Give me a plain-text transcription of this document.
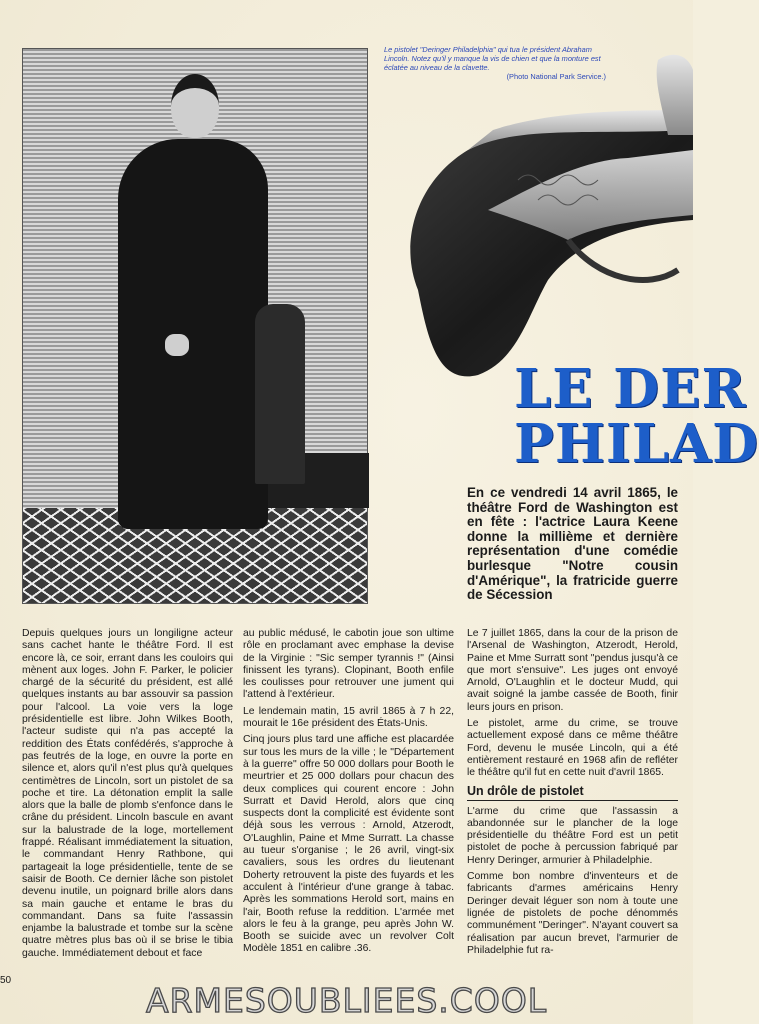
Le pistolet "Deringer Philadelphia" qui tua le président Abraham Lincoln. Notez qu'il y manque la vis de chien et que la monture est éclatée au niveau de la clavette.
(Photo National Park Service.)
LE DER
PHILAD
En ce vendredi 14 avril 1865, le théâtre Ford de Washington est en fête : l'actrice Laura Keene donne la millième et dernière représentation d'une comédie burlesque "Notre cousin d'Amérique", la fratricide guerre de Sécession

Depuis quelques jours un longiligne acteur sans cachet hante le théâtre Ford. Il est encore là, ce soir, errant dans les couloirs qui mènent aux loges. John F. Parker, le policier chargé de la sécurité du président, est allé quelques instants au bar assouvir sa passion pour l'alcool. La voie vers la loge présidentielle est libre. John Wilkes Booth, l'acteur sudiste qui n'a pas accepté la reddition des États confédérés, s'approche à pas feutrés de la loge, en ouvre la porte en silence et, alors qu'il n'est plus qu'à quelques centimètres de Lincoln, sort un pistolet de sa poche et tire. La détonation emplit la salle alors que la balle de plomb s'enfonce dans le crâne du président. Lincoln bascule en avant sur la balustrade de la loge, mortellement frappé. Réalisant immédiatement la situation, le commandant Henry Rathbone, qui partageait la loge présidentielle, tente de se saisir de Booth. Ce dernier lâche son pistolet devenu inutile, un poignard brille alors dans sa main gauche et entame le bras du commandant. Dans sa fuite l'assassin enjambe la balustrade et tombe sur la scène quatre mètres plus bas où il se brise le tibia gauche. Immédiatement debout et face

au public médusé, le cabotin joue son ultime rôle en proclamant avec emphase la devise de la Virginie : "Sic semper tyrannis !" (Ainsi finissent les tyrans). Clopinant, Booth enfile les coulisses pour retrouver une jument qui l'attend à l'extérieur.

Le lendemain matin, 15 avril 1865 à 7 h 22, mourait le 16e président des États-Unis.

Cinq jours plus tard une affiche est placardée sur tous les murs de la ville ; le "Département à la guerre" offre 50 000 dollars pour Booth le meurtrier et 25 000 dollars pour chacun des deux complices qui courent encore : John Surratt et David Herold, alors que cinq suspects dont la complicité est évidente sont déjà sous les verrous : Arnold, Atzerodt, O'Laughlin, Paine et Mme Surratt. La chasse au tueur s'organise ; le 26 avril, vingt-six cavaliers, sous les ordres du lieutenant Doherty retrouvent la piste des fuyards et les acculent à l'intérieur d'une grange à tabac. Après les sommations Herold sort, mains en l'air, Booth refuse la reddition. L'armée met alors le feu à la grange, peu après John W. Booth se suicide avec un revolver Colt Modèle 1851 en calibre .36.

Le 7 juillet 1865, dans la cour de la prison de l'Arsenal de Washington, Atzerodt, Herold, Paine et Mme Surratt sont "pendus jusqu'à ce que mort s'ensuive". Les juges ont envoyé Arnold, O'Laughlin et le docteur Mudd, qui avait soigné la jambe cassée de Booth, finir leurs jours en prison.

Le pistolet, arme du crime, se trouve actuellement exposé dans ce même théâtre Ford, devenu le musée Lincoln, qui a été entièrement restauré en 1968 afin de refléter le théâtre qu'il fut en cette nuit d'avril 1865.

Un drôle de pistolet

L'arme du crime que l'assassin a abandonnée sur le plancher de la loge présidentielle du théâtre Ford est un petit pistolet de poche à percussion fabriqué par Henry Deringer, armurier à Philadelphie.

Comme bon nombre d'inventeurs et de fabricants d'armes américains Henry Deringer devait léguer son nom à toute une lignée de pistolets de poche dénommés communément "Deringer". N'ayant couvert sa réalisation par aucun brevet, l'armurier de Philadelphie fut ra-

50
ARMESOUBLIEES.COOL
